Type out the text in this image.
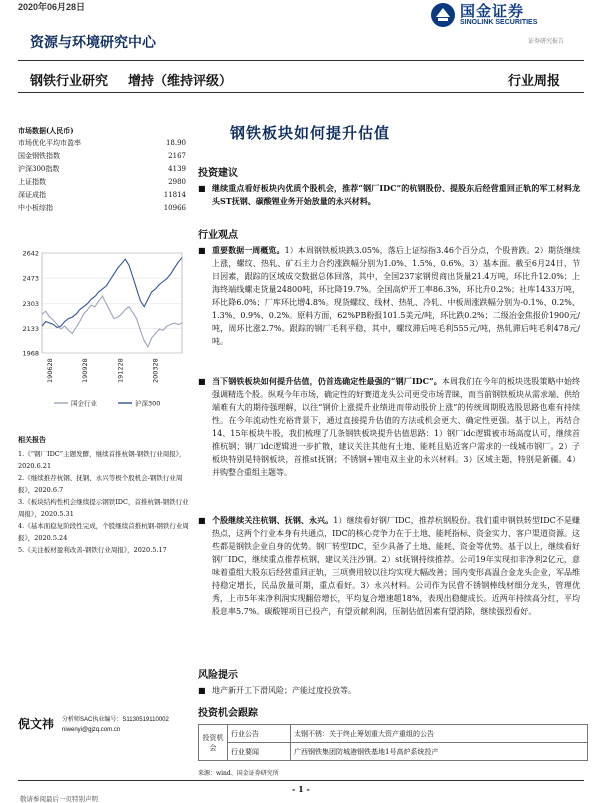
2020年06月28日	国金证券
SINOLINK SECURITIES
证券研究报告
资源与环境研究中心
钢铁行业研究 增持（维持评级）	行业周报
市场数据(人民币)
市场优化平均市盈率	18.90
国金钢铁指数	2167
沪深300指数	4139
上证指数	2980
深证成指	11814
中小板综指	10966
2642
2473
2303
2133
1968
190628	190928	191228	200328
国金行业	沪深300
相关报告
1.《“钢厂IDC”主题发酵，继续首推杭钢-钢铁行业周报》，2020.6.21
2.《继续推荐杭钢、抚钢、永兴等极个股机会-钢铁行业周报》，2020.6.7
3.《板块结构性机会继续提示钢铁IDC，首推杭钢-钢铁行业周报》，2020.5.31
4.《基本面稳复阶段性完成，个股继续首推杭钢-钢铁行业周报》，2020.5.24
5.《关注板材盈利改善-钢铁行业周报》，2020.5.17
倪文祎 分析师SAC执业编号：S1130519110002
niwenyi@gjzq.com.cn
钢铁板块如何提升估值
投资建议
■ 继续重点看好板块内优质个股机会，推荐“钢厂IDC”的杭钢股份、提股东后经营重回正轨的军工材料龙头ST抚钢、碳酸锂业务开始放量的永兴材料。
行业观点
■ 重要数据一周概览。1）本周钢铁板块跌3.05%，落后上证综指3.46个百分点，个股普跌。2）期货继续上涨，螺纹、热轧、矿石主力合约涨跌幅分别为1.0%、1.5%、0.6%。3）基本面。截至6月24日，节日因素，跟踪的区域成交数据总体回落，其中，全国237家钢贸商出货量21.4万吨，环比升12.0%；上海终端线螺走货量24800吨，环比降19.7%。全国高炉开工率86.3%，环比升0.2%；社库1433万吨，环比降6.0%；厂库环比增4.8%。现货螺纹、线材、热轧、冷轧、中板周涨跌幅分别为-0.1%、0.2%、1.3%、0.9%、0.2%。原料方面，62%PB粉报101.5美元/吨，环比跌0.2%；二级冶金焦报价1900元/吨，周环比涨2.7%。跟踪的钢厂毛利平稳，其中，螺纹滞后吨毛利555元/吨，热轧滞后吨毛利478元/吨。
■ 当下钢铁板块如何提升估值，仍首选确定性最强的“钢厂IDC”。本周我们在今年的板块选股策略中始终强调精选个股。纵观今年市场，确定性的好赛道龙头公司更受市场青睐，而当前钢铁板块从需求端、供给端难有大的期待强理解，以往“钢价上涨提升业绩进而带动股价上涨”的传统周期股选股思路也难有持续性。在今年流动性充裕背景下，通过直接提升估值的方法或机会更大、确定性更强。基于以上，再结合14、15年板块牛股，我们梳理了几条钢铁板块提升估值思路：1）钢厂idc逻辑被市场高度认可，继续首推杭钢；钢厂idc逻辑进一步扩散，建议关注其他有土地、能耗且贴近客户需求的一线城市钢厂。2）子板块特别是特钢板块，首推st抚钢；不锈钢+锂电双主业的永兴材料。3）区域主题，特别是新疆。4）并购整合重组主题等。
■ 个股继续关注杭钢、抚钢、永兴。1）继续看好钢厂IDC，推荐杭钢股份。我们重申钢铁转型IDC不是赚热点，这两个行业本身有共通点，IDC的核心竞争力在于土地、能耗指标、资金实力、客户渠道资源。这些都是钢铁企业自身的优势。钢厂转型IDC，至少具备了土地、能耗、资金等优势。基于以上，继续看好钢厂IDC，继续重点推荐杭钢，建议关注沙钢。2）st抚钢持续推荐。公司19年实现扣非净利2亿元，意味着重组大股东后经营重回正轨，三项费用较以往均实现大幅改善；国内变形高温合金龙头企业，军品维持稳定增长，民品放量可期，重点看好。3）永兴材料。公司作为民营不锈钢棒线材细分龙头，管理优秀，上市5年来净利润实现翻倍增长，平均复合增速超18%，表现出稳健成长。近两年持续高分红，平均股息率5.7%。碳酸锂项目已投产，有望贡献利润，压制估值因素有望消除，继续强烈看好。
风险提示
■ 地产新开工下滑风险；产能过度投放等。
投资机会跟踪
投资机会	行业公告	太钢不锈：关于终止筹划重大资产重组的公告
	行业要闻	广西钢铁集团防城港钢铁基地1号高炉系统投产
来源：wind、国金证券研究所
- 1 -
敬请参阅最后一页特别声明
